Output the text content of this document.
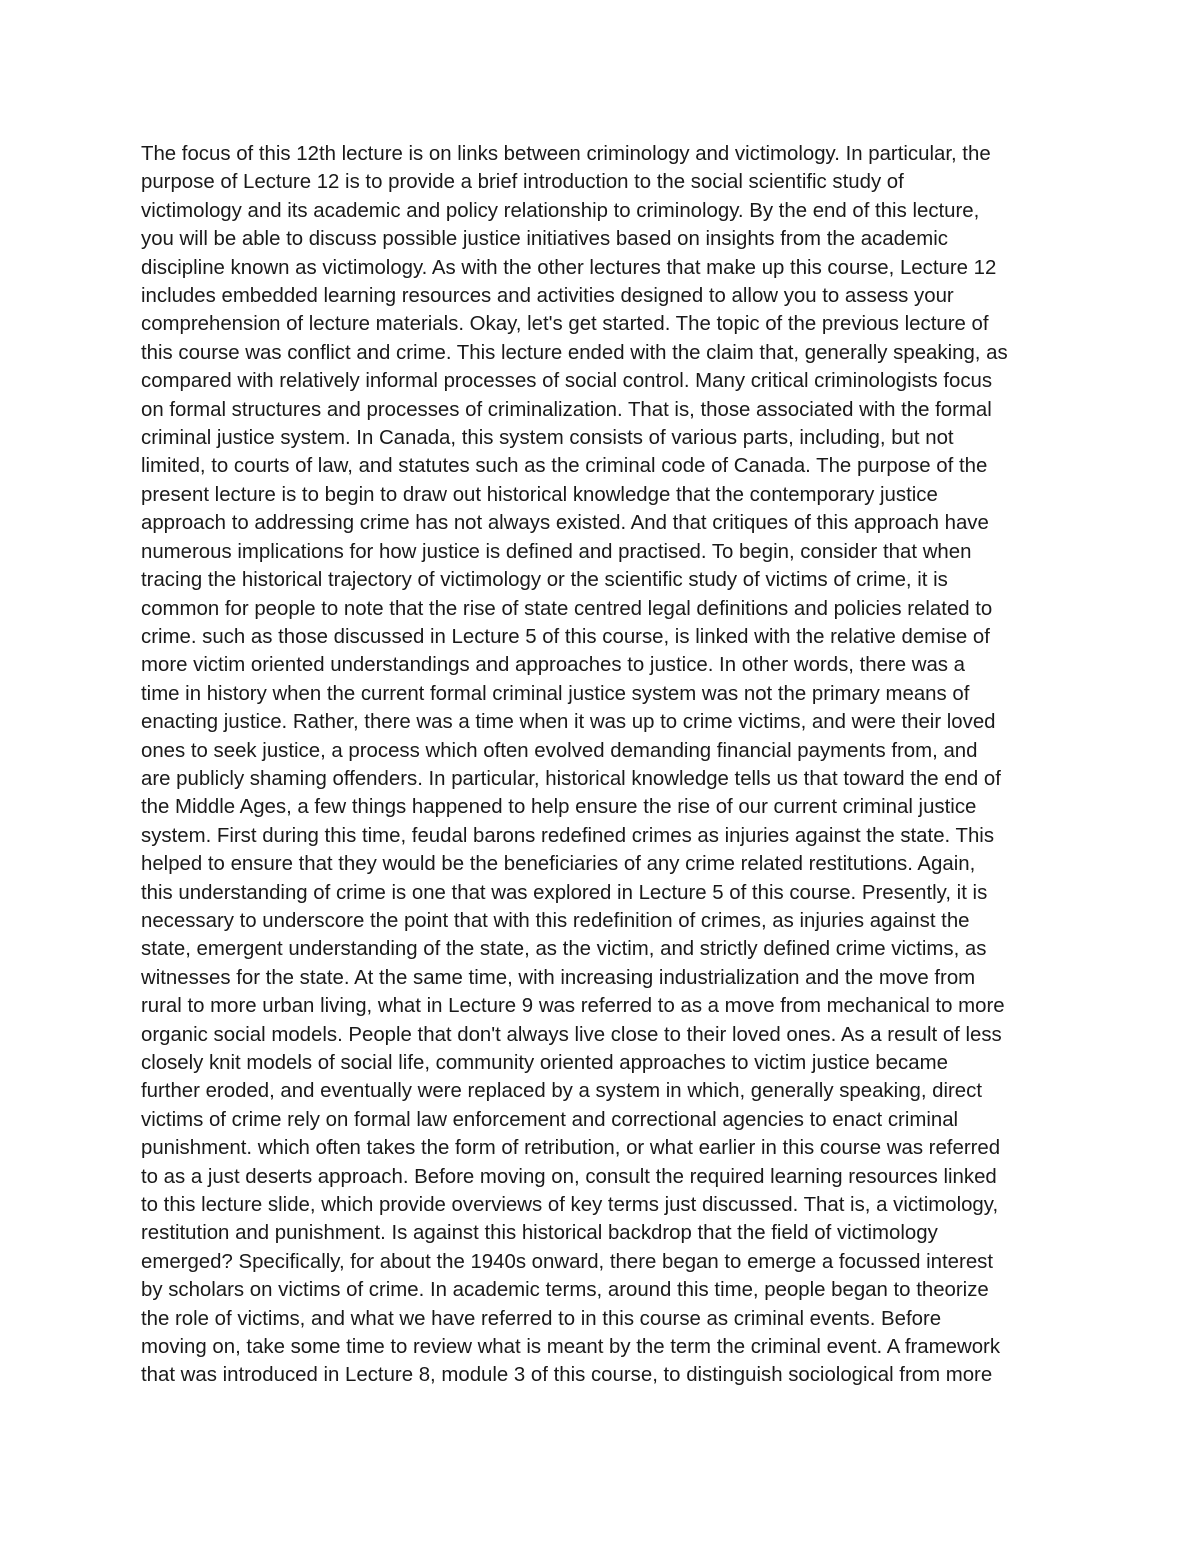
The focus of this 12th lecture is on links between criminology and victimology. In particular, the
purpose of Lecture 12 is to provide a brief introduction to the social scientific study of
victimology and its academic and policy relationship to criminology. By the end of this lecture,
you will be able to discuss possible justice initiatives based on insights from the academic
discipline known as victimology. As with the other lectures that make up this course, Lecture 12
includes embedded learning resources and activities designed to allow you to assess your
comprehension of lecture materials. Okay, let's get started. The topic of the previous lecture of
this course was conflict and crime. This lecture ended with the claim that, generally speaking, as
compared with relatively informal processes of social control. Many critical criminologists focus
on formal structures and processes of criminalization. That is, those associated with the formal
criminal justice system. In Canada, this system consists of various parts, including, but not
limited, to courts of law, and statutes such as the criminal code of Canada. The purpose of the
present lecture is to begin to draw out historical knowledge that the contemporary justice
approach to addressing crime has not always existed. And that critiques of this approach have
numerous implications for how justice is defined and practised. To begin, consider that when
tracing the historical trajectory of victimology or the scientific study of victims of crime, it is
common for people to note that the rise of state centred legal definitions and policies related to
crime. such as those discussed in Lecture 5 of this course, is linked with the relative demise of
more victim oriented understandings and approaches to justice. In other words, there was a
time in history when the current formal criminal justice system was not the primary means of
enacting justice. Rather, there was a time when it was up to crime victims, and were their loved
ones to seek justice, a process which often evolved demanding financial payments from, and
are publicly shaming offenders. In particular, historical knowledge tells us that toward the end of
the Middle Ages, a few things happened to help ensure the rise of our current criminal justice
system. First during this time, feudal barons redefined crimes as injuries against the state. This
helped to ensure that they would be the beneficiaries of any crime related restitutions. Again,
this understanding of crime is one that was explored in Lecture 5 of this course. Presently, it is
necessary to underscore the point that with this redefinition of crimes, as injuries against the
state, emergent understanding of the state, as the victim, and strictly defined crime victims, as
witnesses for the state. At the same time, with increasing industrialization and the move from
rural to more urban living, what in Lecture 9 was referred to as a move from mechanical to more
organic social models. People that don't always live close to their loved ones. As a result of less
closely knit models of social life, community oriented approaches to victim justice became
further eroded, and eventually were replaced by a system in which, generally speaking, direct
victims of crime rely on formal law enforcement and correctional agencies to enact criminal
punishment. which often takes the form of retribution, or what earlier in this course was referred
to as a just deserts approach. Before moving on, consult the required learning resources linked
to this lecture slide, which provide overviews of key terms just discussed. That is, a victimology,
restitution and punishment. Is against this historical backdrop that the field of victimology
emerged? Specifically, for about the 1940s onward, there began to emerge a focussed interest
by scholars on victims of crime. In academic terms, around this time, people began to theorize
the role of victims, and what we have referred to in this course as criminal events. Before
moving on, take some time to review what is meant by the term the criminal event. A framework
that was introduced in Lecture 8, module 3 of this course, to distinguish sociological from more
